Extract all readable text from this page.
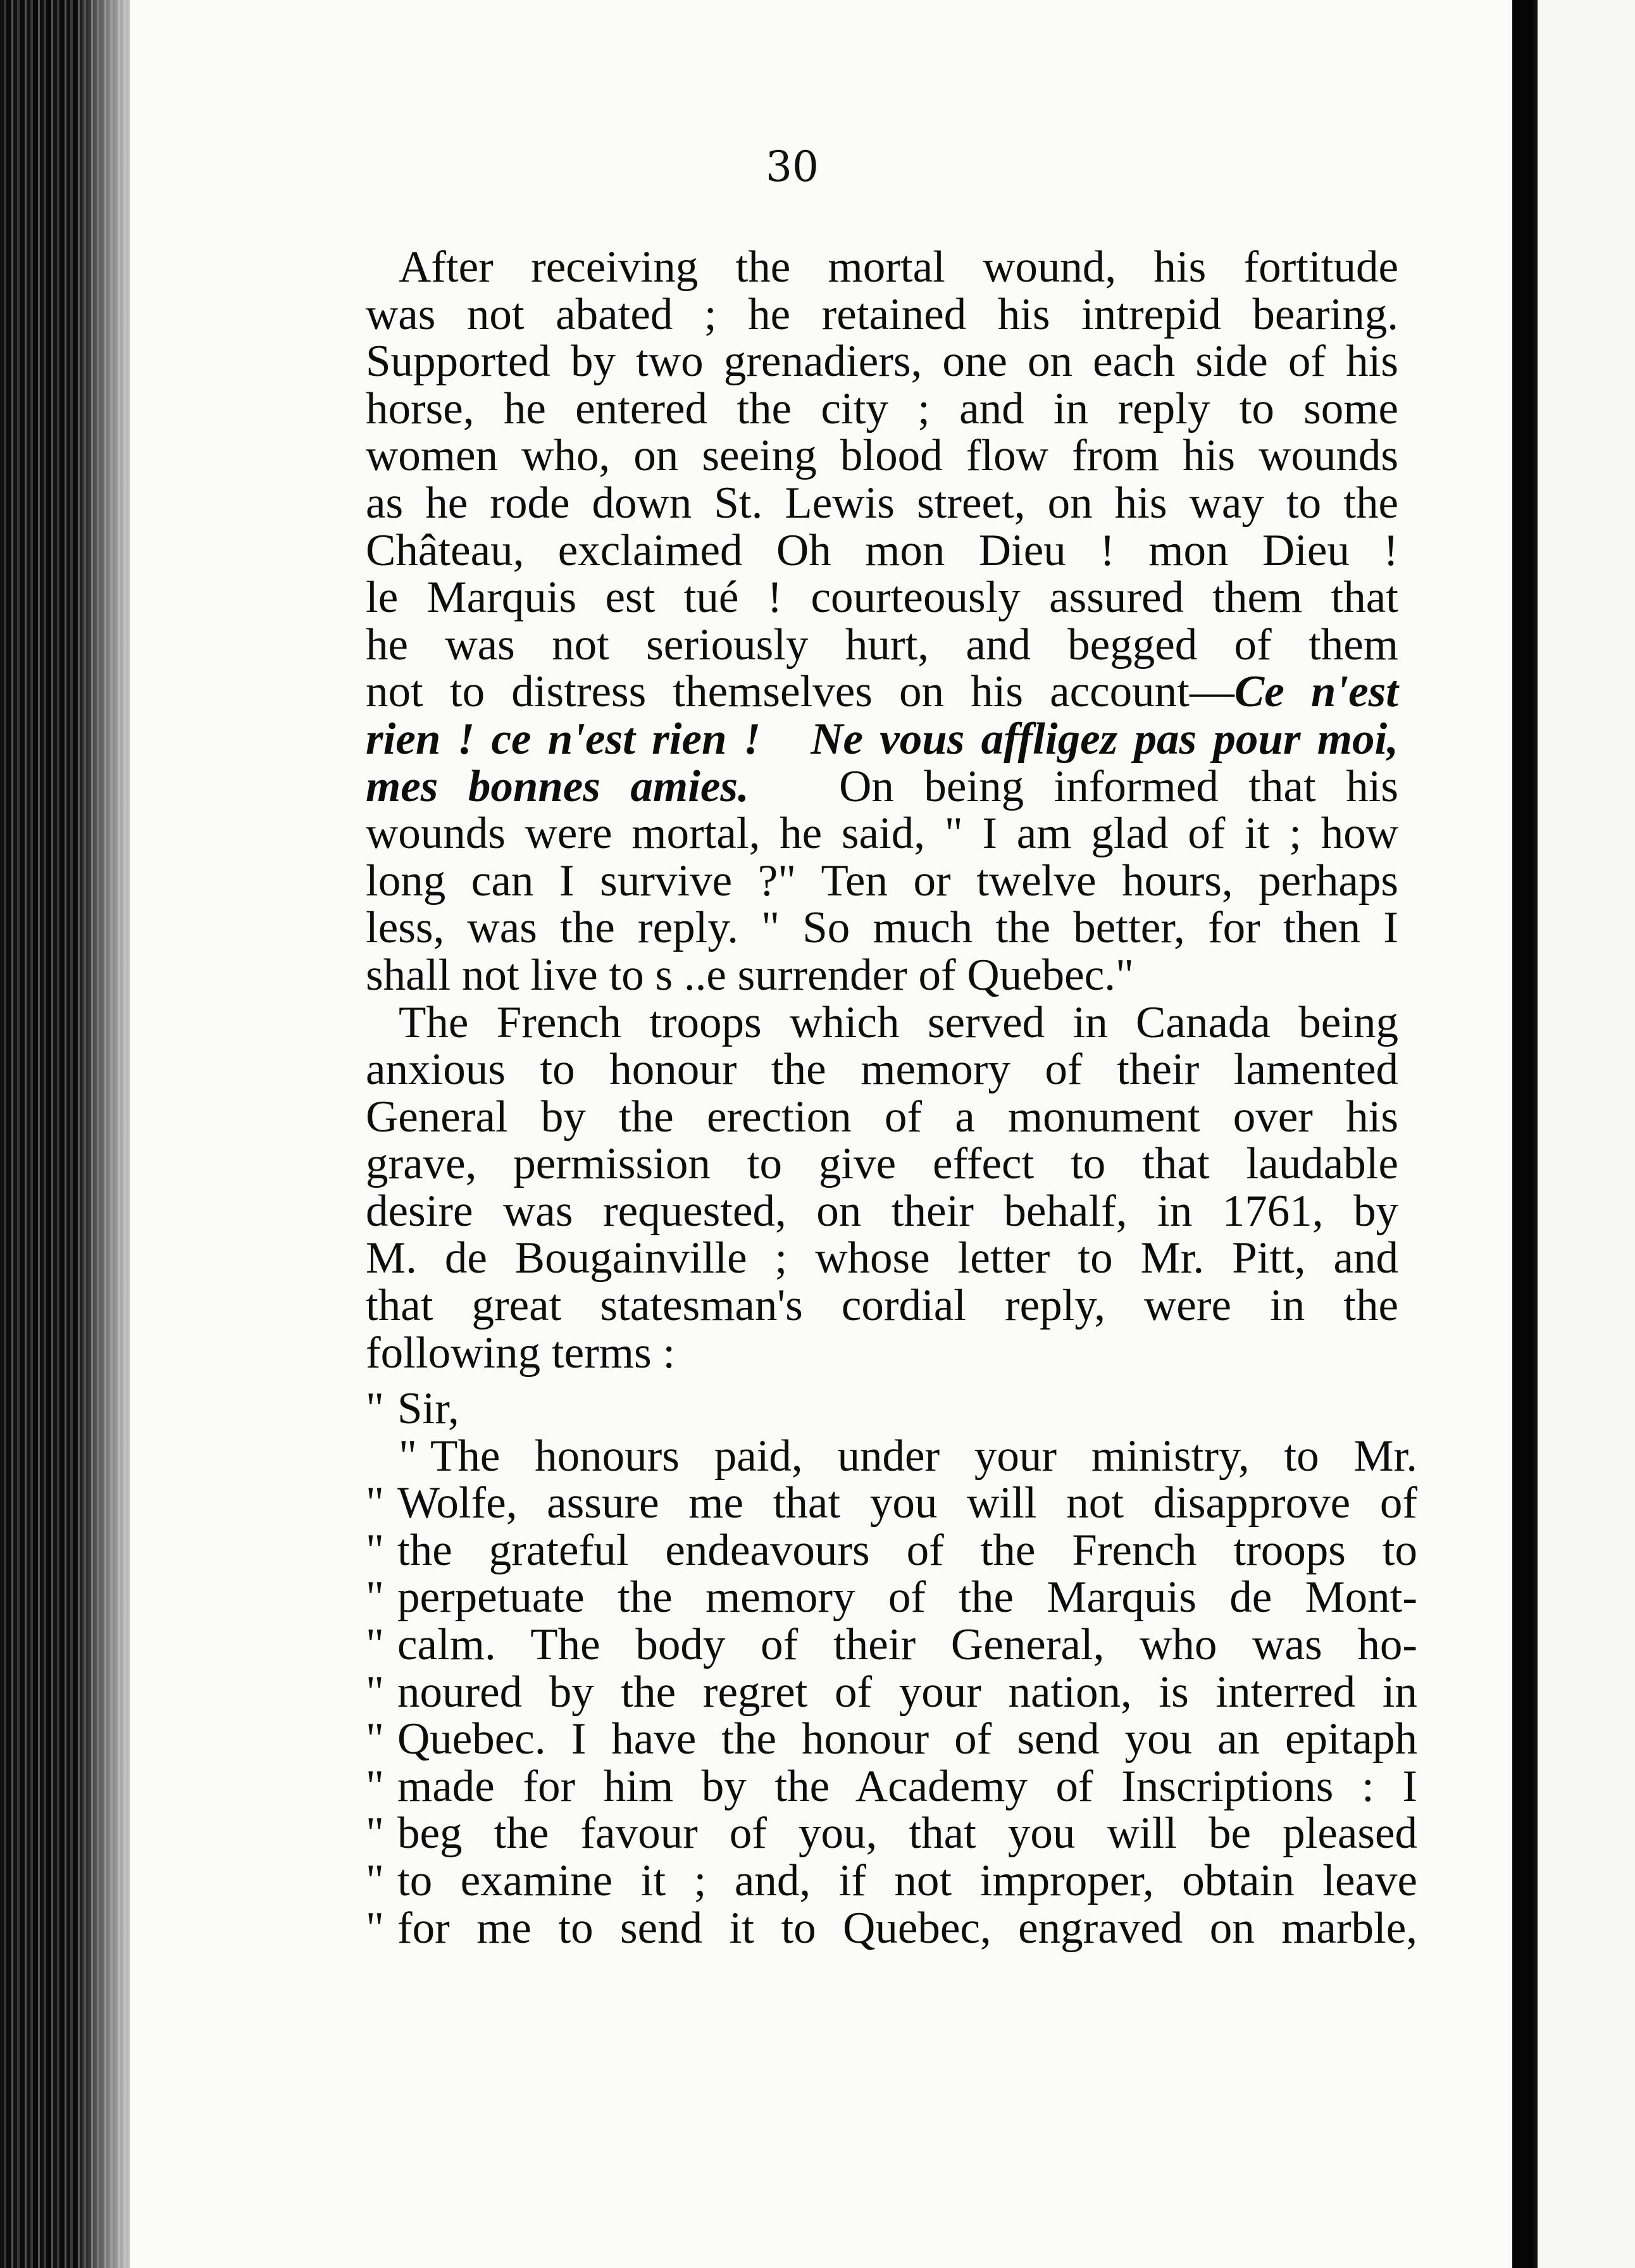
30
After receiving the mortal wound, his fortitude
was not abated ; he retained his intrepid bearing.
Supported by two grenadiers, one on each side of his
horse, he entered the city ; and in reply to some
women who, on seeing blood flow from his wounds
as he rode down St. Lewis street, on his way to the
Château, exclaimed Oh mon Dieu ! mon Dieu !
le Marquis est tué ! courteously assured them that
he was not seriously hurt, and begged of them
not to distress themselves on his account—Ce n'est
rien ! ce n'est rien ! Ne vous affligez pas pour moi,
mes bonnes amies. On being informed that his
wounds were mortal, he said, " I am glad of it ; how
long can I survive ?" Ten or twelve hours, perhaps
less, was the reply. " So much the better, for then I
shall not live to s ..e surrender of Quebec."
The French troops which served in Canada being
anxious to honour the memory of their lamented
General by the erection of a monument over his
grave, permission to give effect to that laudable
desire was requested, on their behalf, in 1761, by
M. de Bougainville ; whose letter to Mr. Pitt, and
that great statesman's cordial reply, were in the
following terms :
" Sir,
" The honours paid, under your ministry, to Mr.
" Wolfe, assure me that you will not disapprove of
" the grateful endeavours of the French troops to
" perpetuate the memory of the Marquis de Mont-
" calm. The body of their General, who was ho-
" noured by the regret of your nation, is interred in
" Quebec. I have the honour of send you an epitaph
" made for him by the Academy of Inscriptions : I
" beg the favour of you, that you will be pleased
" to examine it ; and, if not improper, obtain leave
" for me to send it to Quebec, engraved on marble,
